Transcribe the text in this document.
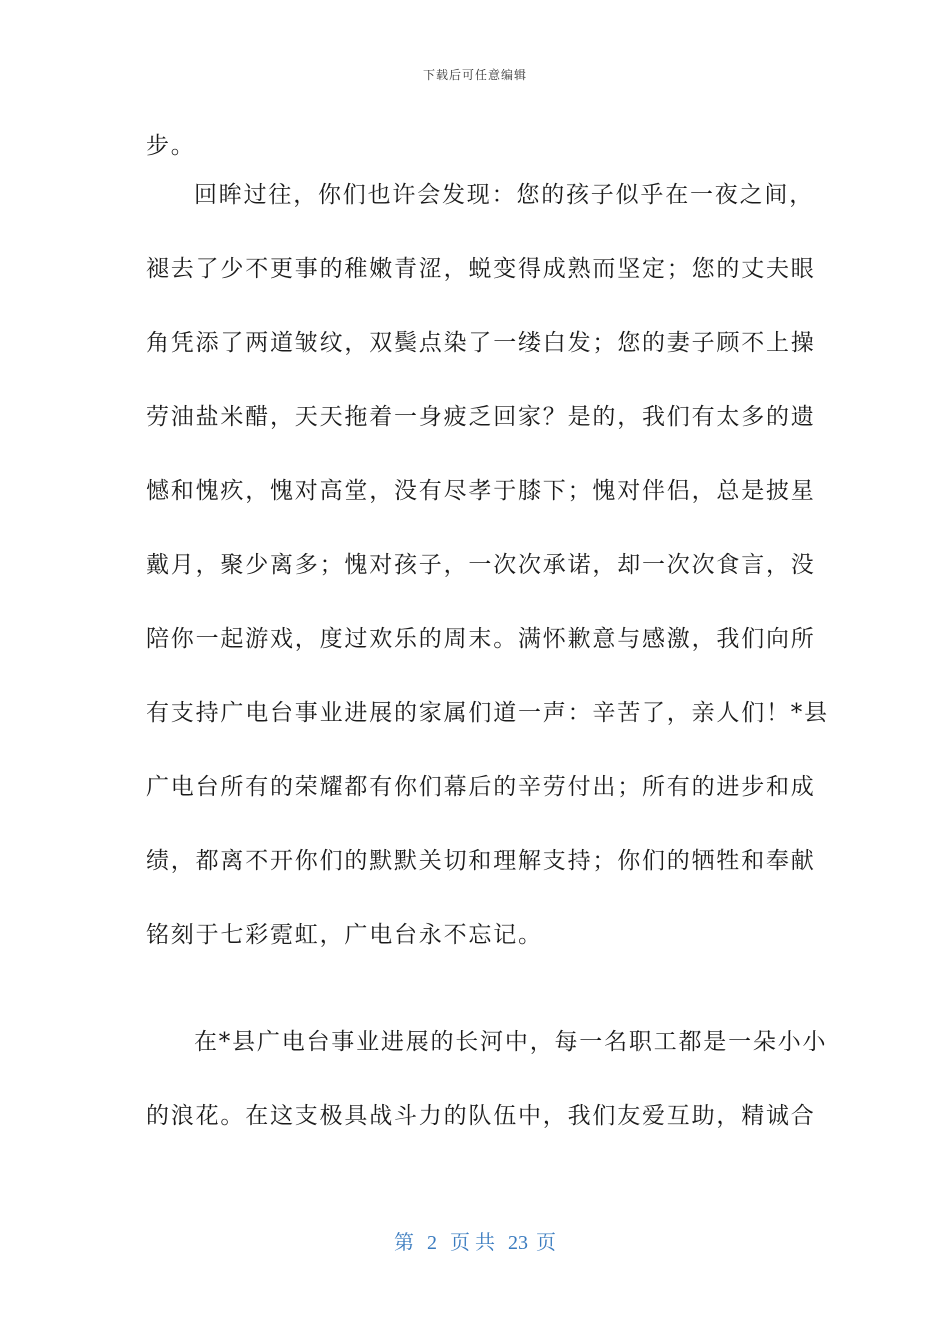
下载后可任意编辑
步。
回眸过往，你们也许会发现：您的孩子似乎在一夜之间，
褪去了少不更事的稚嫩青涩，蜕变得成熟而坚定；您的丈夫眼
角凭添了两道皱纹，双鬓点染了一缕白发；您的妻子顾不上操
劳油盐米醋，天天拖着一身疲乏回家？是的，我们有太多的遗
憾和愧疚，愧对高堂，没有尽孝于膝下；愧对伴侣，总是披星
戴月，聚少离多；愧对孩子，一次次承诺，却一次次食言，没
陪你一起游戏，度过欢乐的周末。满怀歉意与感激，我们向所
有支持广电台事业进展的家属们道一声：辛苦了，亲人们！*县
广电台所有的荣耀都有你们幕后的辛劳付出；所有的进步和成
绩，都离不开你们的默默关切和理解支持；你们的牺牲和奉献
铭刻于七彩霓虹，广电台永不忘记。
在*县广电台事业进展的长河中，每一名职工都是一朵小小
的浪花。在这支极具战斗力的队伍中，我们友爱互助，精诚合
第 2 页 共 23 页
